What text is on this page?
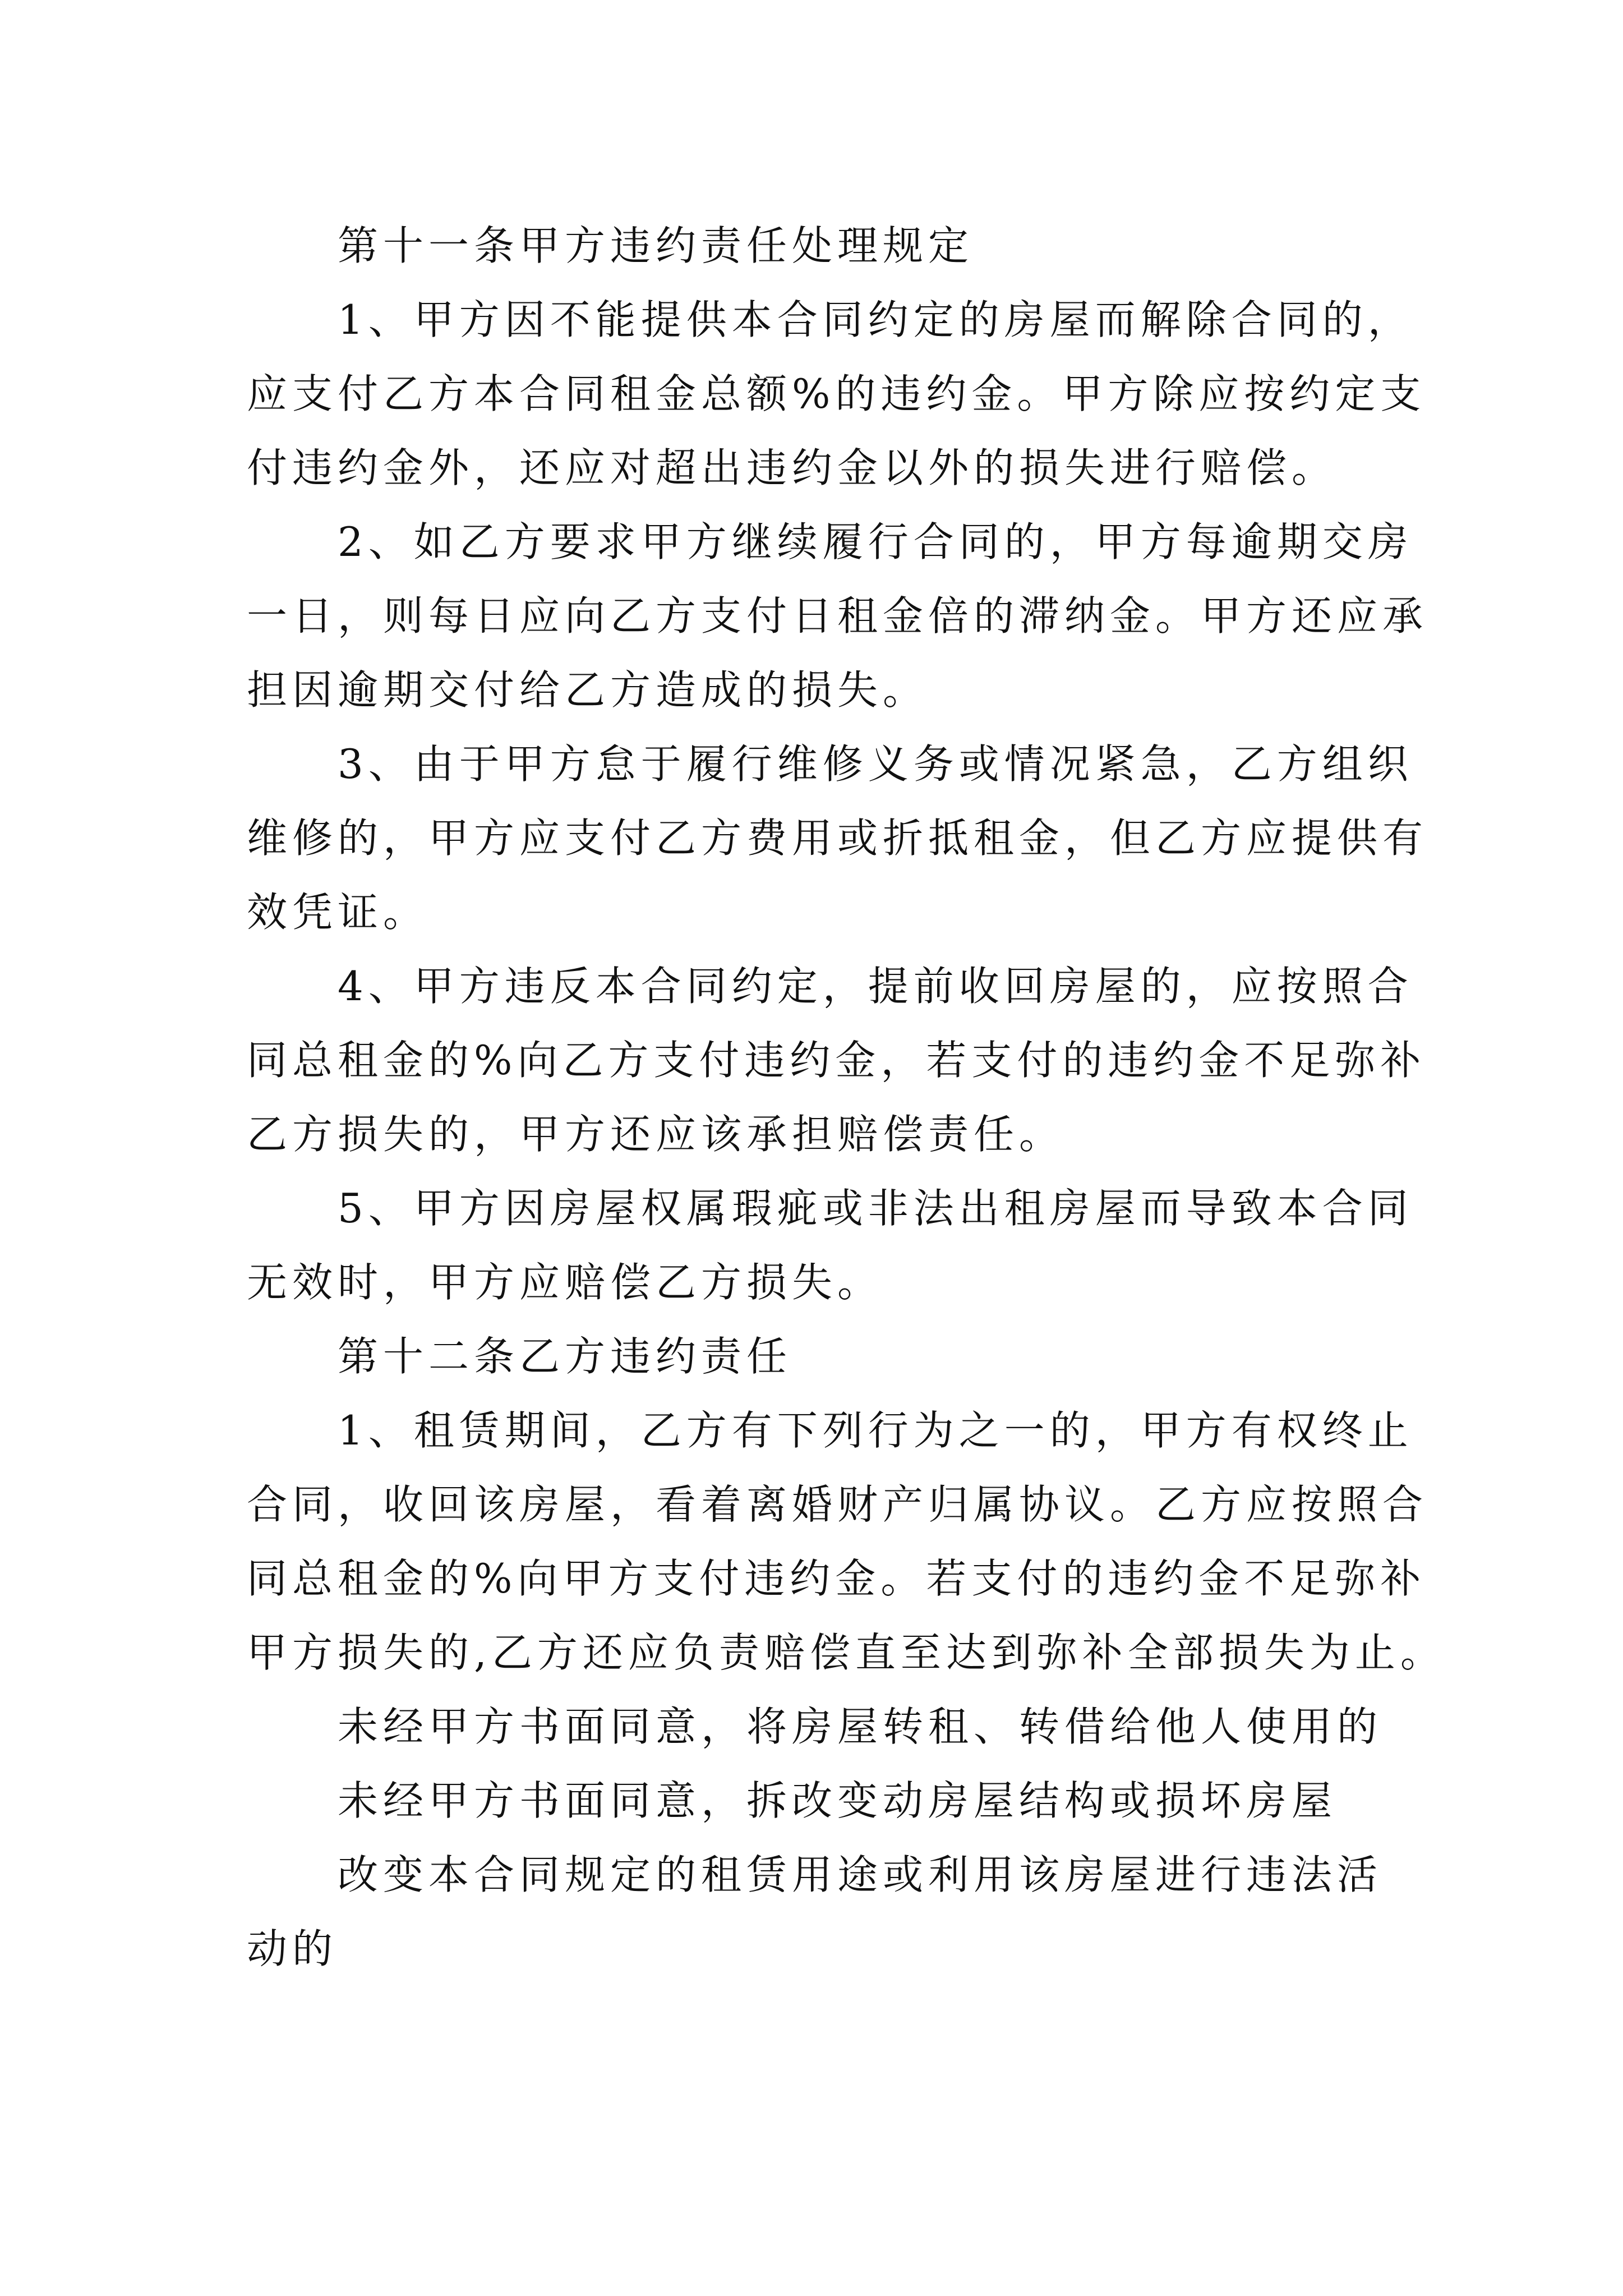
第十一条甲方违约责任处理规定
1、甲方因不能提供本合同约定的房屋而解除合同的，
应支付乙方本合同租金总额%的违约金。甲方除应按约定支
付违约金外，还应对超出违约金以外的损失进行赔偿。
2、如乙方要求甲方继续履行合同的，甲方每逾期交房
一日，则每日应向乙方支付日租金倍的滞纳金。甲方还应承
担因逾期交付给乙方造成的损失。
3、由于甲方怠于履行维修义务或情况紧急，乙方组织
维修的，甲方应支付乙方费用或折抵租金，但乙方应提供有
效凭证。
4、甲方违反本合同约定，提前收回房屋的，应按照合
同总租金的%向乙方支付违约金，若支付的违约金不足弥补
乙方损失的，甲方还应该承担赔偿责任。
5、甲方因房屋权属瑕疵或非法出租房屋而导致本合同
无效时，甲方应赔偿乙方损失。
第十二条乙方违约责任
1、租赁期间，乙方有下列行为之一的，甲方有权终止
合同，收回该房屋，看着离婚财产归属协议。乙方应按照合
同总租金的%向甲方支付违约金。若支付的违约金不足弥补
甲方损失的,乙方还应负责赔偿直至达到弥补全部损失为止。
未经甲方书面同意，将房屋转租、转借给他人使用的
未经甲方书面同意，拆改变动房屋结构或损坏房屋
改变本合同规定的租赁用途或利用该房屋进行违法活
动的
